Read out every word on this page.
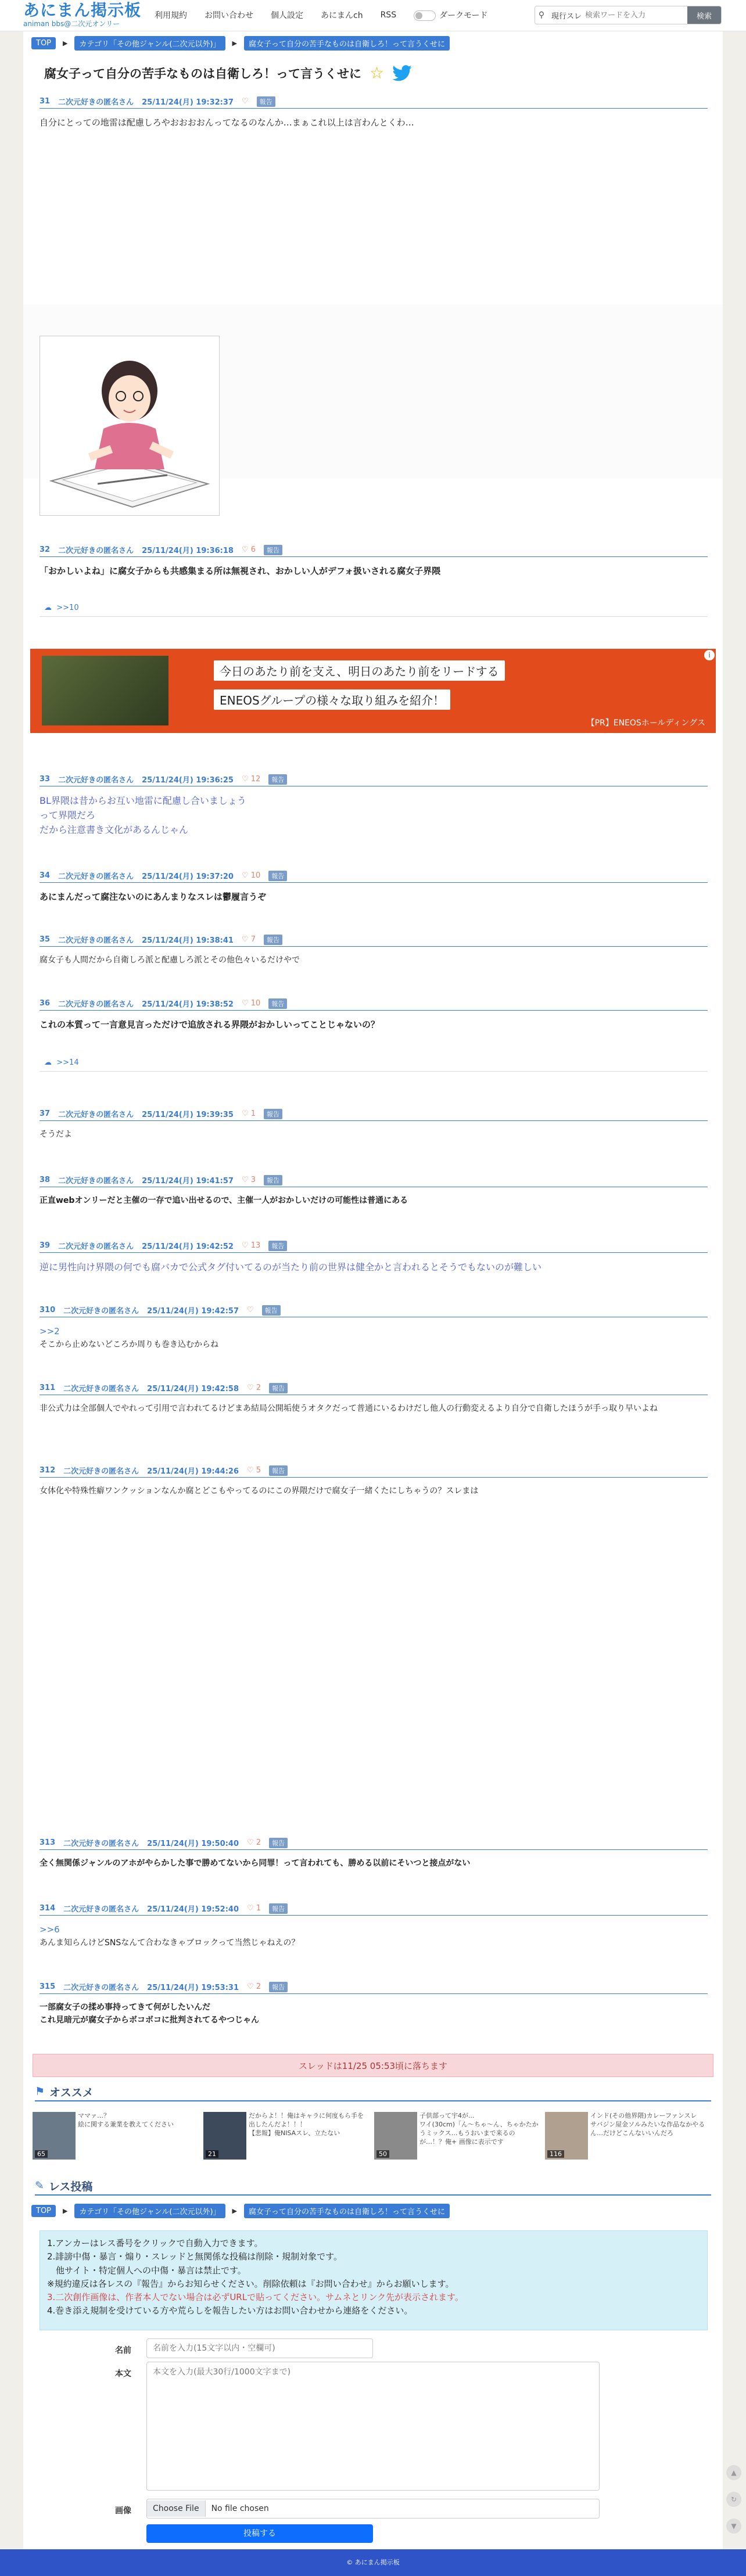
あにまん掲示板
animan bbs@二次元オンリー
利用規約 お問い合わせ 個人設定 あにまんch RSS	ダークモード	⚲ 現行スレ
検索ワードを入力	検索
TOP	▶	カテゴリ「その他ジャンル(二次元以外)」	▶	腐女子って自分の苦手なものは自衛しろ！って言うくせに
腐女子って自分の苦手なものは自衛しろ！って言うくせに ☆
31 二次元好きの匿名さん 25/11/24(月) 19:32:37 ♡	報告
自分にとっての地雷は配慮しろやおおおおんってなるのなんか…まぁこれ以上は言わんとくわ…
32 二次元好きの匿名さん 25/11/24(月) 19:36:18 ♡ 6	報告
「おかしいよね」に腐女子からも共感集まる所は無視され、おかしい人がデフォ扱いされる腐女子界隈
☁ >>10
今日のあたり前を支え、明日のあたり前をリードする
ENEOSグループの様々な取り組みを紹介！
【PR】ENEOSホールディングス
i
33 二次元好きの匿名さん 25/11/24(月) 19:36:25 ♡ 12	報告
BL界隈は昔からお互い地雷に配慮し合いましょう
って界隈だろ
だから注意書き文化があるんじゃん
34 二次元好きの匿名さん 25/11/24(月) 19:37:20 ♡ 10	報告
あにまんだって腐注ないのにあんまりなスレは鬱履言うぞ
35 二次元好きの匿名さん 25/11/24(月) 19:38:41 ♡ 7	報告
腐女子も人間だから自衛しろ派と配慮しろ派とその他色々いるだけやで
36 二次元好きの匿名さん 25/11/24(月) 19:38:52 ♡ 10	報告
これの本質って一言意見言っただけで追放される界隈がおかしいってことじゃないの？
☁ >>14
37 二次元好きの匿名さん 25/11/24(月) 19:39:35 ♡ 1	報告
そうだよ
38 二次元好きの匿名さん 25/11/24(月) 19:41:57 ♡ 3	報告
正直webオンリーだと主催の一存で追い出せるので、主催一人がおかしいだけの可能性は普通にある
39 二次元好きの匿名さん 25/11/24(月) 19:42:52 ♡ 13	報告
逆に男性向け界隈の何でも腐バカで公式タグ付いてるのが当たり前の世界は健全かと言われるとそうでもないのが難しい
310 二次元好きの匿名さん 25/11/24(月) 19:42:57 ♡	報告
>>2
そこから止めないどころか周りも巻き込むからね
311 二次元好きの匿名さん 25/11/24(月) 19:42:58 ♡ 2	報告
非公式力は全部個人でやれって引用で言われてるけどまあ結局公開垢使うオタクだって普通にいるわけだし他人の行動変えるより自分で自衛したほうが手っ取り早いよね
312 二次元好きの匿名さん 25/11/24(月) 19:44:26 ♡ 5	報告
女体化や特殊性癖ワンクッションなんか腐とどこもやってるのにこの界隈だけで腐女子一緒くたにしちゃうの？スレまは
313 二次元好きの匿名さん 25/11/24(月) 19:50:40 ♡ 2	報告
全く無関係ジャンルのアホがやらかした事で勝めてないから同罪！って言われても、勝める以前にそいつと接点がない
314 二次元好きの匿名さん 25/11/24(月) 19:52:40 ♡ 1	報告
>>6
あんま知らんけどSNSなんて合わなきゃブロックって当然じゃねえの？
315 二次元好きの匿名さん 25/11/24(月) 19:53:31 ♡ 2	報告
一部腐女子の揉め事持ってきて何がしたいんだ
これ見暗元が腐女子からボコボコに批判されてるやつじゃん
スレッドは11/25 05:53頃に落ちます
⚑ オススメ
65
ママァ…？
絵に関する兼業を教えてください
21
だからよ！！俺はキャラに何度もら手を出したんだよ！！！
【悲報】俺NISAスレ、立たない
50
子供部って宇4が...
ワイ(30cm)「ん〜ちゃ〜ん、ちゃかたかうミックス…もうおいまで来るのが…！？俺+ 画像に表示です
116
インド(その他界隈)カレーファンスレ
サバジン屋金ソルみたいな作品なかやるん…だけどこんないいんだろ
✎ レス投稿
TOP	▶	カテゴリ「その他ジャンル(二次元以外)」	▶	腐女子って自分の苦手なものは自衛しろ！って言うくせに

1.アンカーはレス番号をクリックで自動入力できます。

2.誹謗中傷・暴言・煽り・スレッドと無関係な投稿は削除・規制対象です。

　他サイト・特定個人への中傷・暴言は禁止です。

※規約違反は各レスの『報告』からお知らせください。削除依頼は『お問い合わせ』からお願いします。

3.二次創作画像は、作者本人でない場合は必ずURLで貼ってください。サムネとリンク先が表示されます。

4.巻き添え規制を受けている方や荒らしを報告したい方はお問い合わせから連絡をください。

名前
名前を入力(15文字以内・空欄可)
本文
本文を入力(最大30行/1000文字まで)
画像	Choose File	No file chosen
投稿する
▲
↻
▼
© あにまん掲示板
